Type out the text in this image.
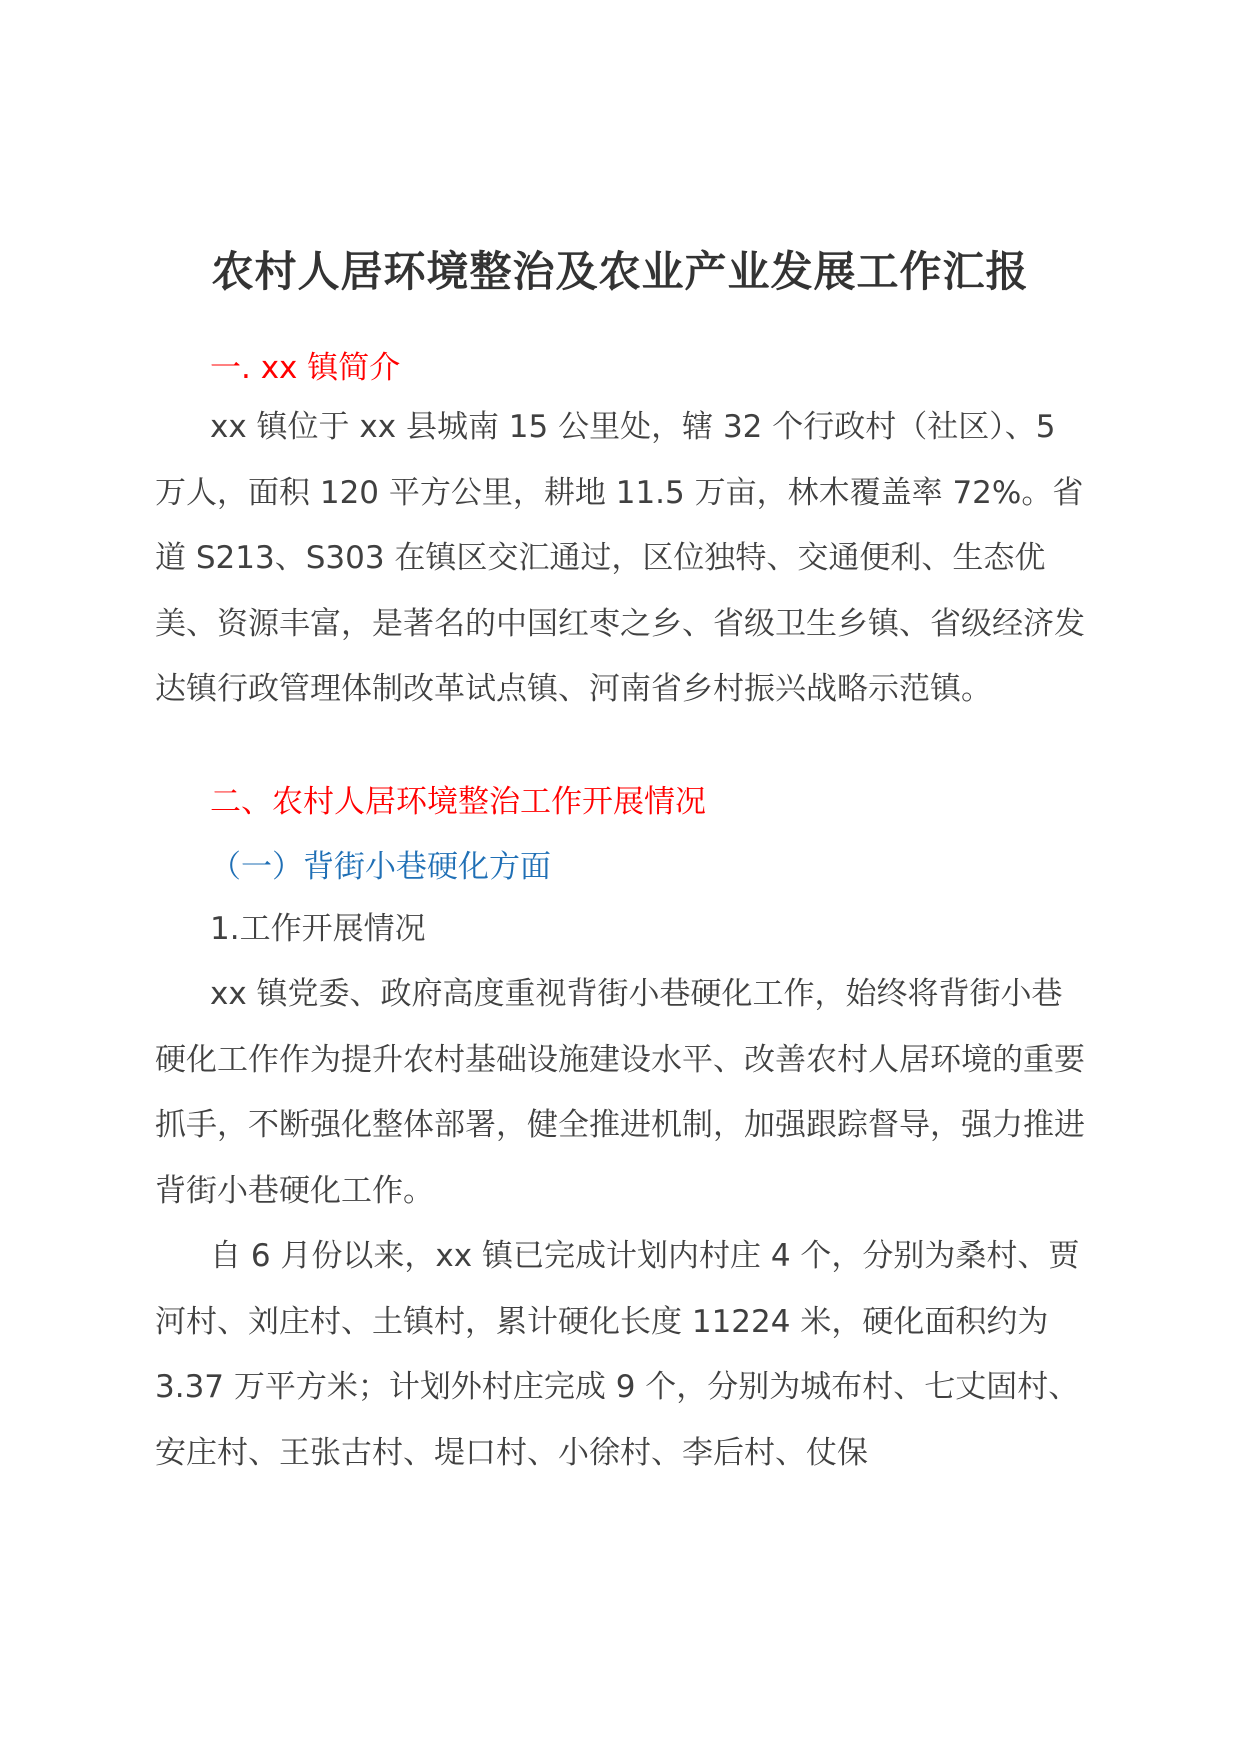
农村人居环境整治及农业产业发展工作汇报

一. xx 镇简介

xx 镇位于 xx 县城南 15 公里处，辖 32 个行政村（社区）、5 万人，面积 120 平方公里，耕地 11.5 万亩，林木覆盖率 72%。省道 S213、S303 在镇区交汇通过，区位独特、交通便利、生态优美、资源丰富，是著名的中国红枣之乡、省级卫生乡镇、省级经济发达镇行政管理体制改革试点镇、河南省乡村振兴战略示范镇。

二、农村人居环境整治工作开展情况

（一）背街小巷硬化方面

1.工作开展情况

xx 镇党委、政府高度重视背街小巷硬化工作，始终将背街小巷硬化工作作为提升农村基础设施建设水平、改善农村人居环境的重要抓手，不断强化整体部署，健全推进机制，加强跟踪督导，强力推进背街小巷硬化工作。

自 6 月份以来，xx 镇已完成计划内村庄 4 个，分别为桑村、贾河村、刘庄村、土镇村，累计硬化长度 11224 米，硬化面积约为 3.37 万平方米；计划外村庄完成 9 个，分别为城布村、七丈固村、安庄村、王张古村、堤口村、小徐村、李后村、仗保
